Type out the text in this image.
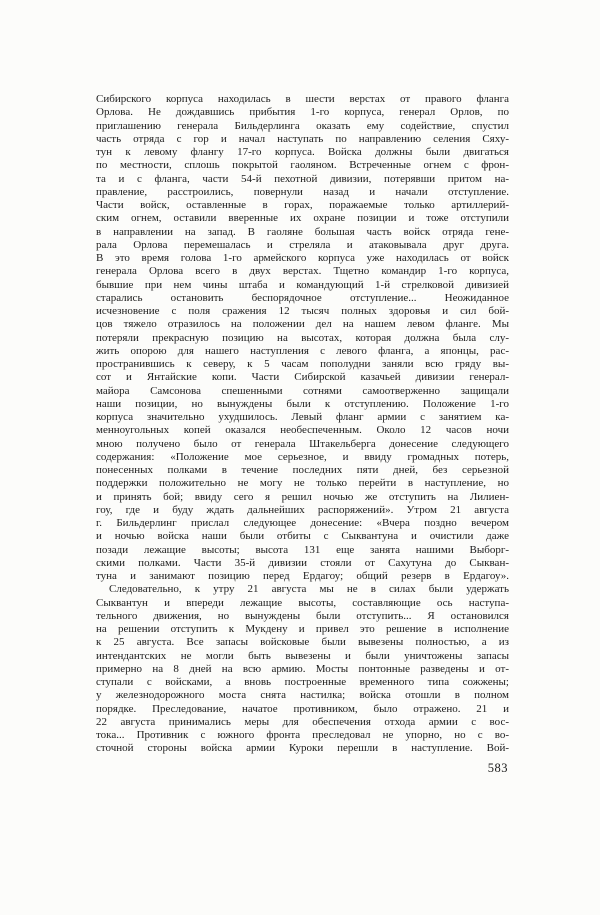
Сибирского корпуса находилась в шести верстах от правого фланга
Орлова. Не дождавшись прибытия 1-го корпуса, генерал Орлов, по
приглашению генерала Бильдерлинга оказать ему содействие, спустил
часть отряда с гор и начал наступать по направлению селения Сяху-
тун к левому флангу 17-го корпуса. Войска должны были двигаться
по местности, сплошь покрытой гаоляном. Встреченные огнем с фрон-
та и с фланга, части 54-й пехотной дивизии, потерявши притом на-
правление, расстроились, повернули назад и начали отступление.
Части войск, оставленные в горах, поражаемые только артиллерий-
ским огнем, оставили вверенные их охране позиции и тоже отступили
в направлении на запад. В гаоляне большая часть войск отряда гене-
рала Орлова перемешалась и стреляла и атаковывала друг друга.
В это время голова 1-го армейского корпуса уже находилась от войск
генерала Орлова всего в двух верстах. Тщетно командир 1-го корпуса,
бывшие при нем чины штаба и командующий 1-й стрелковой дивизией
старались остановить беспорядочное отступление... Неожиданное
исчезновение с поля сражения 12 тысяч полных здоровья и сил бой-
цов тяжело отразилось на положении дел на нашем левом фланге. Мы
потеряли прекрасную позицию на высотах, которая должна была слу-
жить опорою для нашего наступления с левого фланга, а японцы, рас-
пространившись к северу, к 5 часам пополудни заняли всю гряду вы-
сот и Янтайские копи. Части Сибирской казачьей дивизии генерал-
майора Самсонова спешенными сотнями самоотверженно защищали
наши позиции, но вынуждены были к отступлению. Положение 1-го
корпуса значительно ухудшилось. Левый фланг армии с занятием ка-
менноугольных копей оказался необеспеченным. Около 12 часов ночи
мною получено было от генерала Штакельберга донесение следующего
содержания: «Положение мое серьезное, и ввиду громадных потерь,
понесенных полками в течение последних пяти дней, без серьезной
поддержки положительно не могу не только перейти в наступление, но
и принять бой; ввиду сего я решил ночью же отступить на Лилиен-
гоу, где и буду ждать дальнейших распоряжений». Утром 21 августа
г. Бильдерлинг прислал следующее донесение: «Вчера поздно вечером
и ночью войска наши были отбиты с Сыквантуна и очистили даже
позади лежащие высоты; высота 131 еще занята нашими Выборг-
скими полками. Части 35-й дивизии стояли от Сахутуна до Сыкван-
туна и занимают позицию перед Ердагоу; общий резерв в Ердагоу».
Следовательно, к утру 21 августа мы не в силах были удержать
Сыквантун и впереди лежащие высоты, составляющие ось наступа-
тельного движения, но вынуждены были отступить... Я остановился
на решении отступить к Мукдену и привел это решение в исполнение
к 25 августа. Все запасы войсковые были вывезены полностью, а из
интендантских не могли быть вывезены и были уничтожены запасы
примерно на 8 дней на всю армию. Мосты понтонные разведены и от-
ступали с войсками, а вновь построенные временного типа сожжены;
у железнодорожного моста снята настилка; войска отошли в полном
порядке. Преследование, начатое противником, было отражено. 21 и
22 августа принимались меры для обеспечения отхода армии с вос-
тока... Противник с южного фронта преследовал не упорно, но с во-
сточной стороны войска армии Куроки перешли в наступление. Вой-
583
